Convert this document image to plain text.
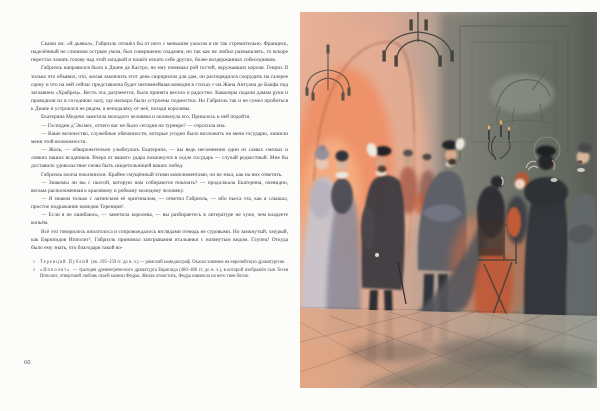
Скажи он: «Я дьявол», Габриэль отошёл бы от него с меньшим ужасом и не так стремительно. Франциск, наделённый не слишком острым умом, был совершенно озадачен, но так как не любил размышлять, то вскоре перестал ломать голову над этой загадкой и пошёл искать себе других, более воздержанных собеседников.

Габриэль направился было к Диане де Кастро, но ему помешал рой гостей, окружавших короля. Генрих II только что объявил, что, желая закончить этот день сюрпризом для дам, он распорядился соорудить на галерее сцену и что на ней сейчас представлена будет интимнейшая комедия в стихах г-на Жана Антуана де Баифа под заглавием «Храбрец». Весть эта, разумеется, была принята весело и радостно. Кавалеры подали дамам руки и проводили их в соседнюю залу, где наскоро были устроены подмостки. Но Габриэль так и не сумел пробиться к Диане и устроился не рядом, а неподалёку от неё, позади королевы.

Екатерина Медичи заметила молодого человека и окликнула его. Пришлось к ней подойти.

— Господин д’Эксмес, отчего вас не было сегодня на турнире? — спросила она.

— Ваше величество, служебные обязанности, которые угодно было возложить на меня государю, лишили меня этой возможности.

— Жаль, — обворожительно улыбнулась Екатерина, — вы ведь несомненно один из самых смелых и ловких наших всадников. Вчера от вашего удара покачнулся в седле государь — случай редкостный. Мне бы доставило удовольствие снова быть свидетельницей ваших побед.

Габриэль молча поклонился. Крайне смущённый этими комплиментами, он не знал, как на них ответить.

— Знакомы ли вы с пьесой, которую нам собираются показать? — продолжала Екатерина, очевидно, весьма расположенная к красивому и робкому молодому человеку.

— Я знаком только с латинским её оригиналом, — ответил Габриэль, — ибо пьеса эта, как я слышал, простое подражание комедии Теренция¹.

— Если я не ошибаюсь, — заметила королева, — вы разбираетесь в литературе не хуже, чем владеете копьём.

Всё это говорилось вполголоса и сопровождалось взглядами отнюдь не суровыми. Но замкнутый, хмурый, как Еврипидов Ипполит², Габриэль принимал заигрывания итальянки с натянутым видом. Глупец! Откуда было ему знать, что благодаря такой во-

1 Теренций Публий (ок. 195–159 гг. до н. э.) — римский комедиограф. Оказал влияние на европейскую драматургию.
2 «Ипполит» — трагедия древнегреческого драматурга Еврипида (480–406 гг. до н. э.), в которой изображён сын Тесея Ипполит, отвергший любовь своей мачехи Федры. Желая отомстить, Федра навлекла на него гнев богов.
60
